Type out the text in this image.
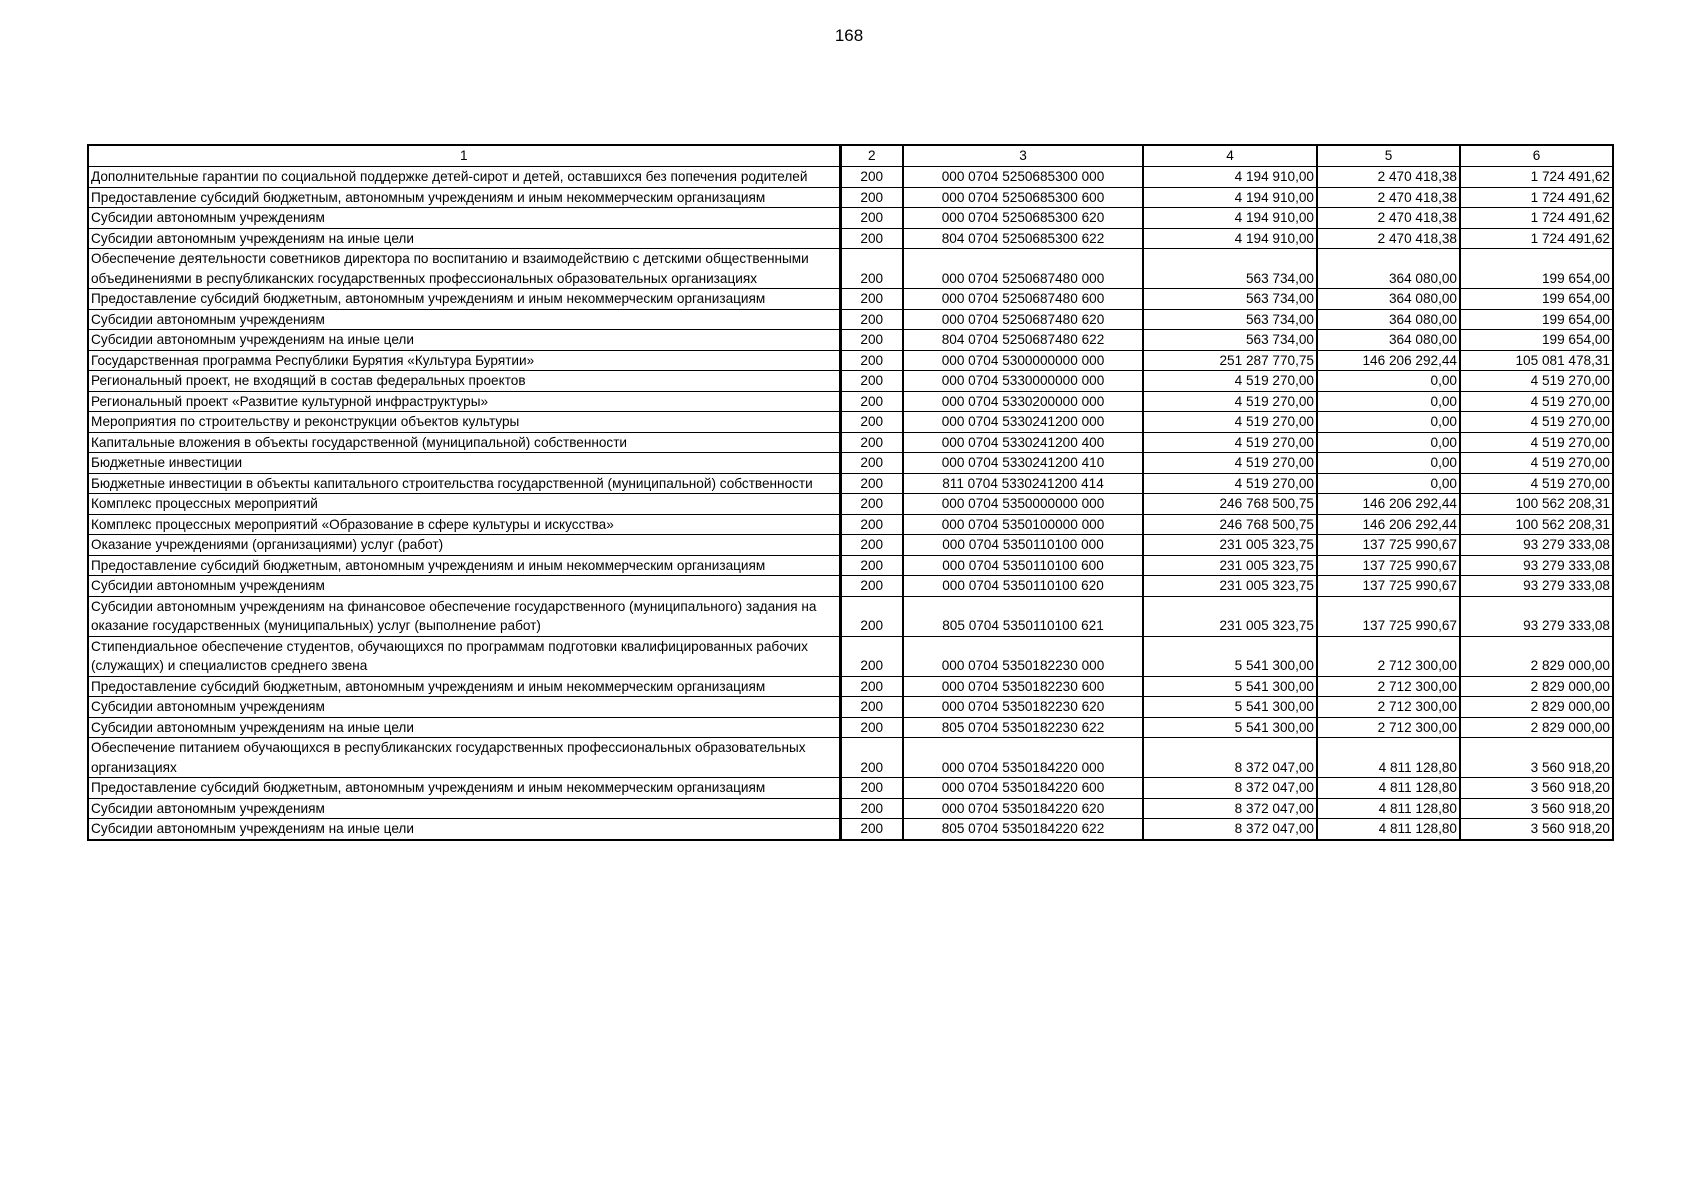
168
1	2	3	4	5	6
Дополнительные гарантии по социальной поддержке детей-сирот и детей, оставшихся без попечения родителей	200	000 0704 5250685300 000	4 194 910,00	2 470 418,38	1 724 491,62
Предоставление субсидий бюджетным, автономным учреждениям и иным некоммерческим организациям	200	000 0704 5250685300 600	4 194 910,00	2 470 418,38	1 724 491,62
Субсидии автономным учреждениям	200	000 0704 5250685300 620	4 194 910,00	2 470 418,38	1 724 491,62
Субсидии автономным учреждениям на иные цели	200	804 0704 5250685300 622	4 194 910,00	2 470 418,38	1 724 491,62
Обеспечение деятельности советников директора по воспитанию и взаимодействию с детскими общественными объединениями в республиканских государственных профессиональных образовательных организациях	200	000 0704 5250687480 000	563 734,00	364 080,00	199 654,00
Предоставление субсидий бюджетным, автономным учреждениям и иным некоммерческим организациям	200	000 0704 5250687480 600	563 734,00	364 080,00	199 654,00
Субсидии автономным учреждениям	200	000 0704 5250687480 620	563 734,00	364 080,00	199 654,00
Субсидии автономным учреждениям на иные цели	200	804 0704 5250687480 622	563 734,00	364 080,00	199 654,00
Государственная программа Республики Бурятия «Культура Бурятии»	200	000 0704 5300000000 000	251 287 770,75	146 206 292,44	105 081 478,31
Региональный проект, не входящий в состав федеральных проектов	200	000 0704 5330000000 000	4 519 270,00	0,00	4 519 270,00
Региональный проект «Развитие культурной инфраструктуры»	200	000 0704 5330200000 000	4 519 270,00	0,00	4 519 270,00
Мероприятия по строительству и реконструкции объектов культуры	200	000 0704 5330241200 000	4 519 270,00	0,00	4 519 270,00
Капитальные вложения в объекты государственной (муниципальной) собственности	200	000 0704 5330241200 400	4 519 270,00	0,00	4 519 270,00
Бюджетные инвестиции	200	000 0704 5330241200 410	4 519 270,00	0,00	4 519 270,00
Бюджетные инвестиции в объекты капитального строительства государственной (муниципальной) собственности	200	811 0704 5330241200 414	4 519 270,00	0,00	4 519 270,00
Комплекс процессных мероприятий	200	000 0704 5350000000 000	246 768 500,75	146 206 292,44	100 562 208,31
Комплекс процессных мероприятий «Образование в сфере культуры и искусства»	200	000 0704 5350100000 000	246 768 500,75	146 206 292,44	100 562 208,31
Оказание учреждениями (организациями) услуг (работ)	200	000 0704 5350110100 000	231 005 323,75	137 725 990,67	93 279 333,08
Предоставление субсидий бюджетным, автономным учреждениям и иным некоммерческим организациям	200	000 0704 5350110100 600	231 005 323,75	137 725 990,67	93 279 333,08
Субсидии автономным учреждениям	200	000 0704 5350110100 620	231 005 323,75	137 725 990,67	93 279 333,08
Субсидии автономным учреждениям на финансовое обеспечение государственного (муниципального) задания на оказание государственных (муниципальных) услуг (выполнение работ)	200	805 0704 5350110100 621	231 005 323,75	137 725 990,67	93 279 333,08
Стипендиальное обеспечение студентов, обучающихся по программам подготовки квалифицированных рабочих (служащих) и специалистов среднего звена	200	000 0704 5350182230 000	5 541 300,00	2 712 300,00	2 829 000,00
Предоставление субсидий бюджетным, автономным учреждениям и иным некоммерческим организациям	200	000 0704 5350182230 600	5 541 300,00	2 712 300,00	2 829 000,00
Субсидии автономным учреждениям	200	000 0704 5350182230 620	5 541 300,00	2 712 300,00	2 829 000,00
Субсидии автономным учреждениям на иные цели	200	805 0704 5350182230 622	5 541 300,00	2 712 300,00	2 829 000,00
Обеспечение питанием обучающихся в республиканских государственных профессиональных образовательных организациях	200	000 0704 5350184220 000	8 372 047,00	4 811 128,80	3 560 918,20
Предоставление субсидий бюджетным, автономным учреждениям и иным некоммерческим организациям	200	000 0704 5350184220 600	8 372 047,00	4 811 128,80	3 560 918,20
Субсидии автономным учреждениям	200	000 0704 5350184220 620	8 372 047,00	4 811 128,80	3 560 918,20
Субсидии автономным учреждениям на иные цели	200	805 0704 5350184220 622	8 372 047,00	4 811 128,80	3 560 918,20
